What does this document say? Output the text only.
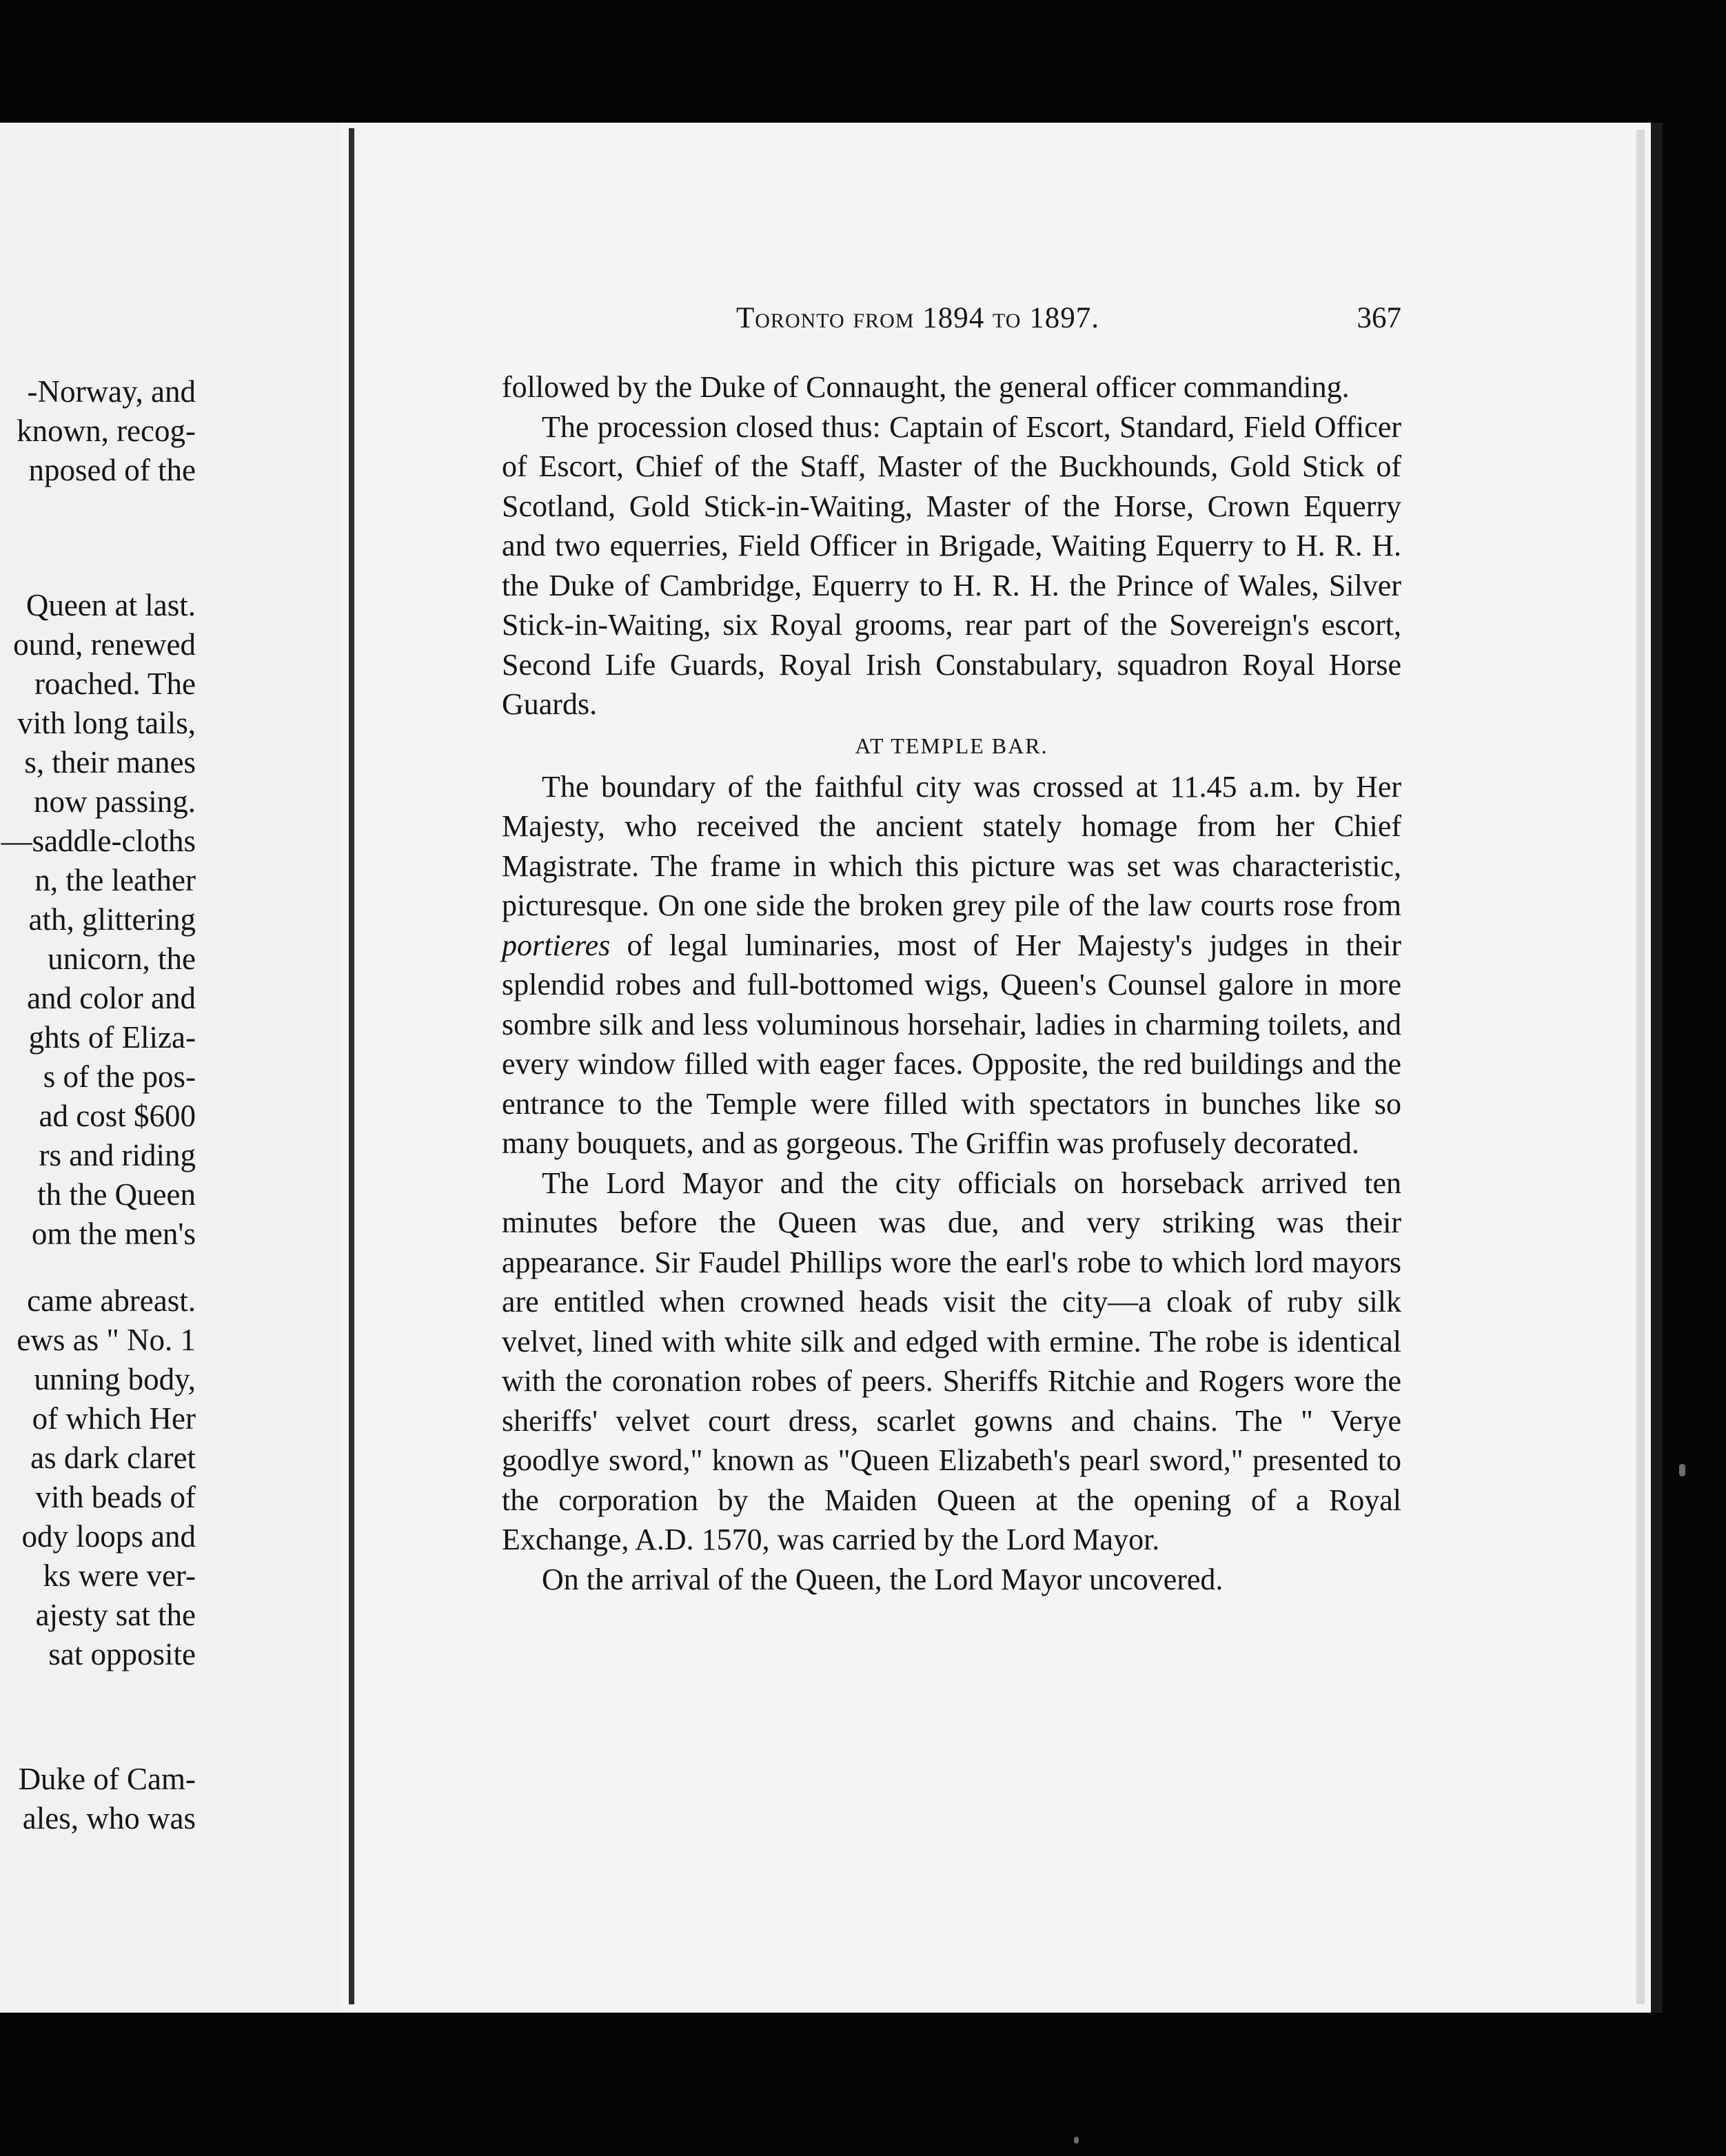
-Norway, and
known, recog-
nposed of the
Queen at last.
ound, renewed
roached. The
vith long tails,
s, their manes
now passing.
—saddle-cloths
n, the leather
ath, glittering
unicorn, the
and color and
ghts of Eliza-
s of the pos-
ad cost $600
rs and riding
th the Queen
om the men's
came abreast.
ews as " No. 1
unning body,
of which Her
as dark claret
vith beads of
ody loops and
ks were ver-
ajesty sat the
sat opposite
Duke of Cam-
ales, who was
Toronto from 1894 to 1897.	367

followed by the Duke of Connaught, the general officer commanding.

The procession closed thus: Captain of Escort, Standard, Field Officer of Escort, Chief of the Staff, Master of the Buckhounds, Gold Stick of Scotland, Gold Stick-in-Waiting, Master of the Horse, Crown Equerry and two equerries, Field Officer in Brigade, Waiting Equerry to H. R. H. the Duke of Cambridge, Equerry to H. R. H. the Prince of Wales, Silver Stick-in-Waiting, six Royal grooms, rear part of the Sovereign's escort, Second Life Guards, Royal Irish Constabulary, squadron Royal Horse Guards.

AT TEMPLE BAR.

The boundary of the faithful city was crossed at 11.45 a.m. by Her Majesty, who received the ancient stately homage from her Chief Magistrate. The frame in which this picture was set was characteristic, picturesque. On one side the broken grey pile of the law courts rose from portieres of legal luminaries, most of Her Majesty's judges in their splendid robes and full-bottomed wigs, Queen's Counsel galore in more sombre silk and less voluminous horsehair, ladies in charming toilets, and every window filled with eager faces. Opposite, the red buildings and the entrance to the Temple were filled with spectators in bunches like so many bouquets, and as gorgeous. The Griffin was profusely decorated.

The Lord Mayor and the city officials on horseback arrived ten minutes before the Queen was due, and very striking was their appearance. Sir Faudel Phillips wore the earl's robe to which lord mayors are entitled when crowned heads visit the city—a cloak of ruby silk velvet, lined with white silk and edged with ermine. The robe is identical with the coronation robes of peers. Sheriffs Ritchie and Rogers wore the sheriffs' velvet court dress, scarlet gowns and chains. The " Verye goodlye sword," known as "Queen Elizabeth's pearl sword," presented to the corporation by the Maiden Queen at the opening of a Royal Exchange, A.D. 1570, was carried by the Lord Mayor.

On the arrival of the Queen, the Lord Mayor uncovered.
